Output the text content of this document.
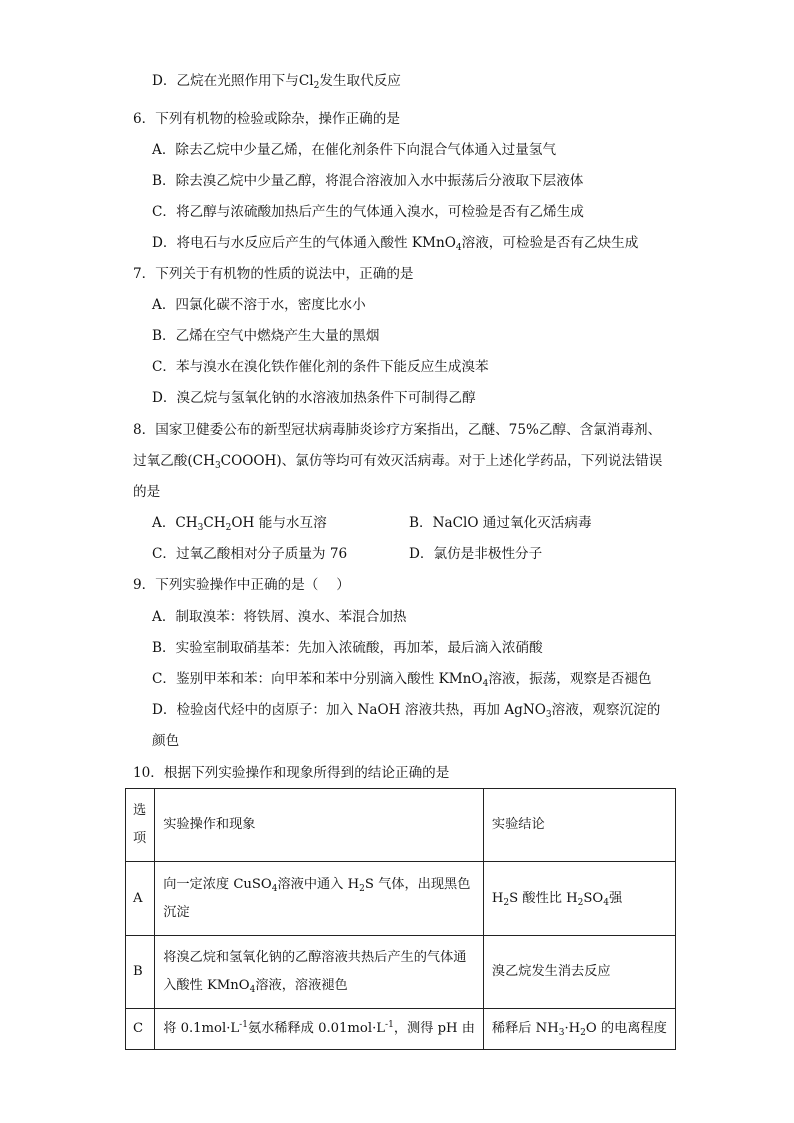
D．乙烷在光照作用下与$Cl_2$发生取代反应
6．下列有机物的检验或除杂，操作正确的是
A．除去乙烷中少量乙烯，在催化剂条件下向混合气体通入过量氢气
B．除去溴乙烷中少量乙醇，将混合溶液加入水中振荡后分液取下层液体
C．将乙醇与浓硫酸加热后产生的气体通入溴水，可检验是否有乙烯生成
D．将电石与水反应后产生的气体通入酸性 KMnO$_4$溶液，可检验是否有乙炔生成
7．下列关于有机物的性质的说法中，正确的是
A．四氯化碳不溶于水，密度比水小
B．乙烯在空气中燃烧产生大量的黑烟
C．苯与溴水在溴化铁作催化剂的条件下能反应生成溴苯
D．溴乙烷与氢氧化钠的水溶液加热条件下可制得乙醇
8．国家卫健委公布的新型冠状病毒肺炎诊疗方案指出，乙醚、75%乙醇、含氯消毒剂、
过氧乙酸$(CH_3COOOH)$、氯仿等均可有效灭活病毒。对于上述化学药品，下列说法错误
的是
A．$CH_3CH_2OH$ 能与水互溶	B．NaClO 通过氧化灭活病毒
C．过氧乙酸相对分子质量为 76	D．氯仿是非极性分子
9．下列实验操作中正确的是（　 ）
A．制取溴苯：将铁屑、溴水、苯混合加热
B．实验室制取硝基苯：先加入浓硫酸，再加苯，最后滴入浓硝酸
C．鉴别甲苯和苯：向甲苯和苯中分别滴入酸性 KMnO$_4$溶液，振荡，观察是否褪色
D．检验卤代烃中的卤原子：加入 NaOH 溶液共热，再加 AgNO$_3$溶液，观察沉淀的
颜色
10．根据下列实验操作和现象所得到的结论正确的是
选项	实验操作和现象	实验结论
A	向一定浓度 CuSO$_4$溶液中通入 $H_2S$ 气体，出现黑色沉淀	$H_2S$ 酸性比 $H_2SO_4$强
B	将溴乙烷和氢氧化钠的乙醇溶液共热后产生的气体通入酸性 KMnO$_4$溶液，溶液褪色	溴乙烷发生消去反应
C	将 $0.1mol\cdot L^{-1}$氨水稀释成 $0.01mol\cdot L^{-1}$，测得 pH 由	稀释后 $NH_3\cdot H_2O$ 的电离程度
